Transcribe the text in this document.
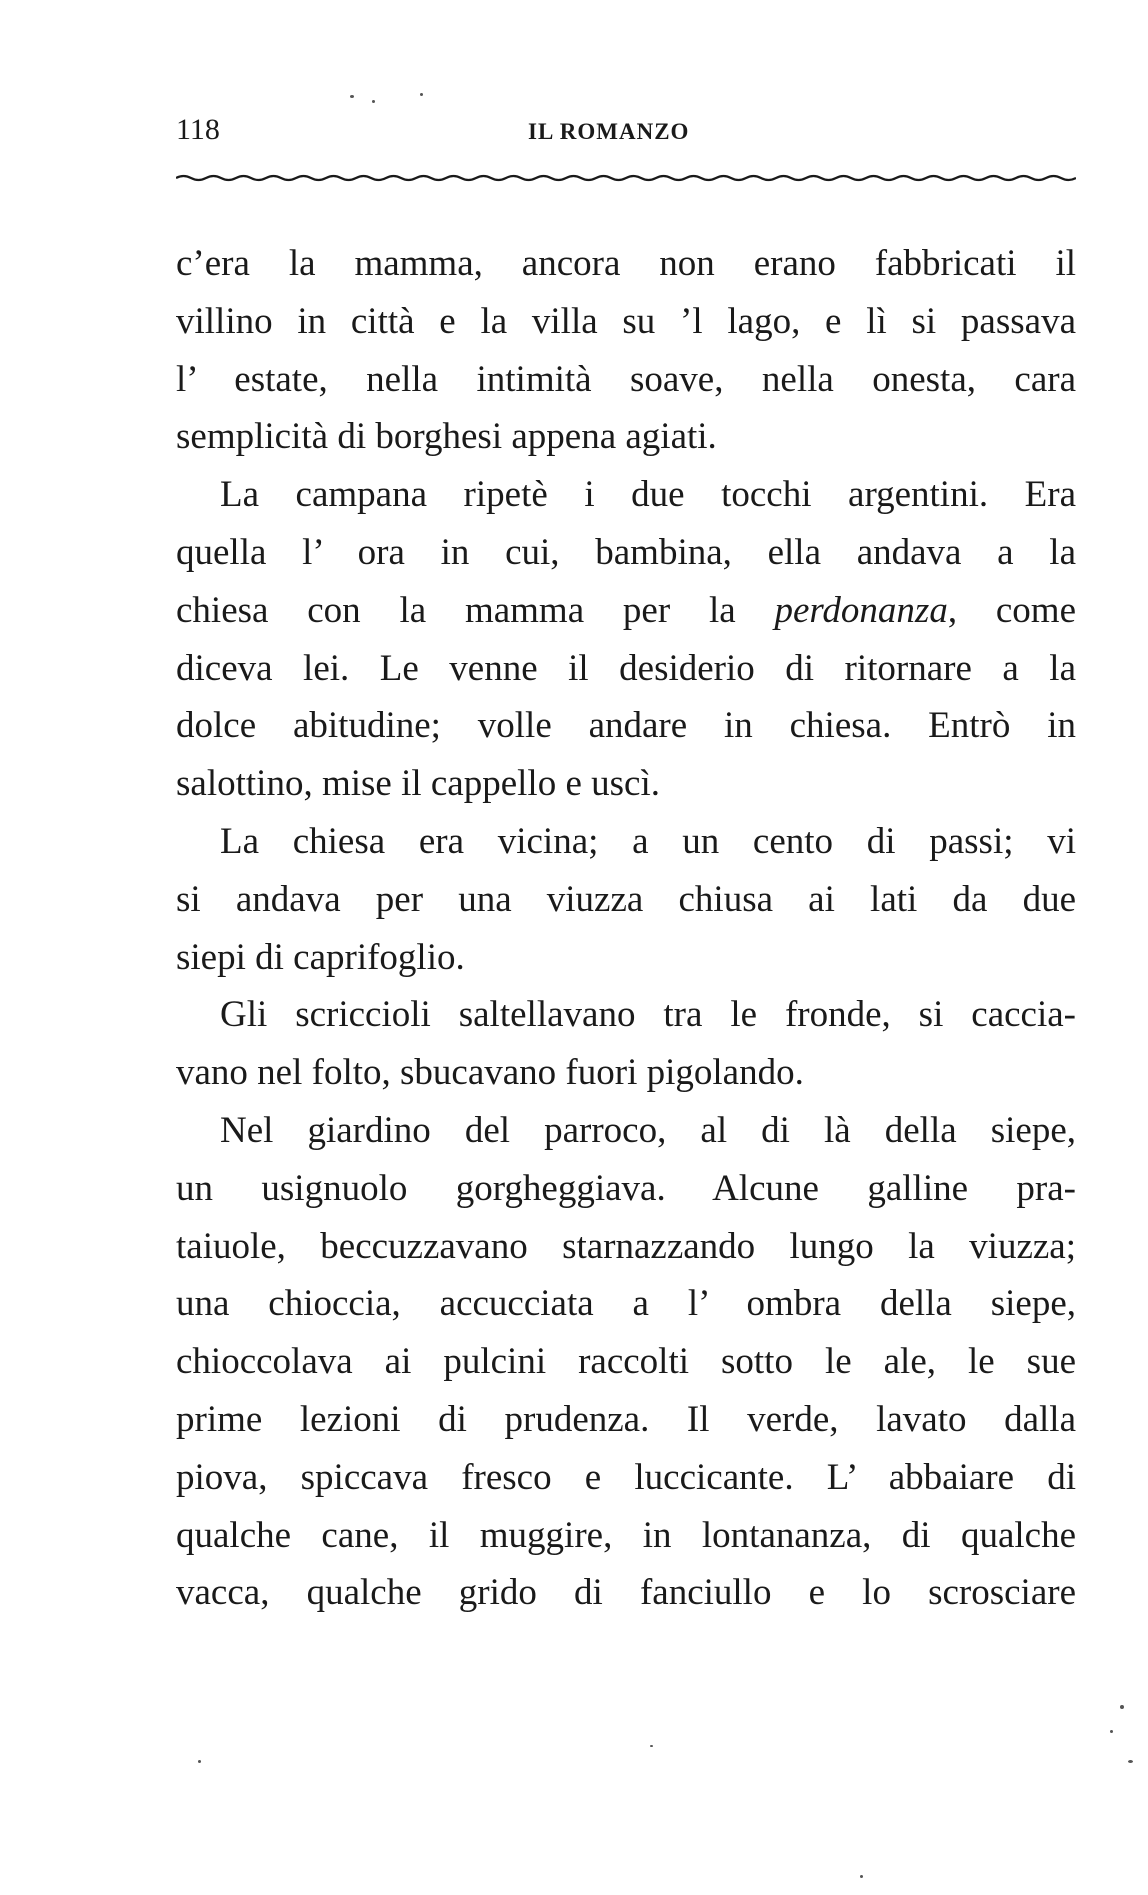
118	IL ROMANZO
c’era la mamma, ancora non erano fabbricati il
villino in città e la villa su ’l lago, e lì si passava
l’ estate, nella intimità soave, nella onesta, cara
semplicità di borghesi appena agiati.
La campana ripetè i due tocchi argentini. Era
quella l’ ora in cui, bambina, ella andava a la
chiesa con la mamma per la perdonanza, come
diceva lei. Le venne il desiderio di ritornare a la
dolce abitudine; volle andare in chiesa. Entrò in
salottino, mise il cappello e uscì.
La chiesa era vicina; a un cento di passi; vi
si andava per una viuzza chiusa ai lati da due
siepi di caprifoglio.
Gli scriccioli saltellavano tra le fronde, si caccia-
vano nel folto, sbucavano fuori pigolando.
Nel giardino del parroco, al di là della siepe,
un usignuolo gorgheggiava. Alcune galline pra-
taiuole, beccuzzavano starnazzando lungo la viuzza;
una chioccia, accucciata a l’ ombra della siepe,
chioccolava ai pulcini raccolti sotto le ale, le sue
prime lezioni di prudenza. Il verde, lavato dalla
piova, spiccava fresco e luccicante. L’ abbaiare di
qualche cane, il muggire, in lontananza, di qualche
vacca, qualche grido di fanciullo e lo scrosciare
